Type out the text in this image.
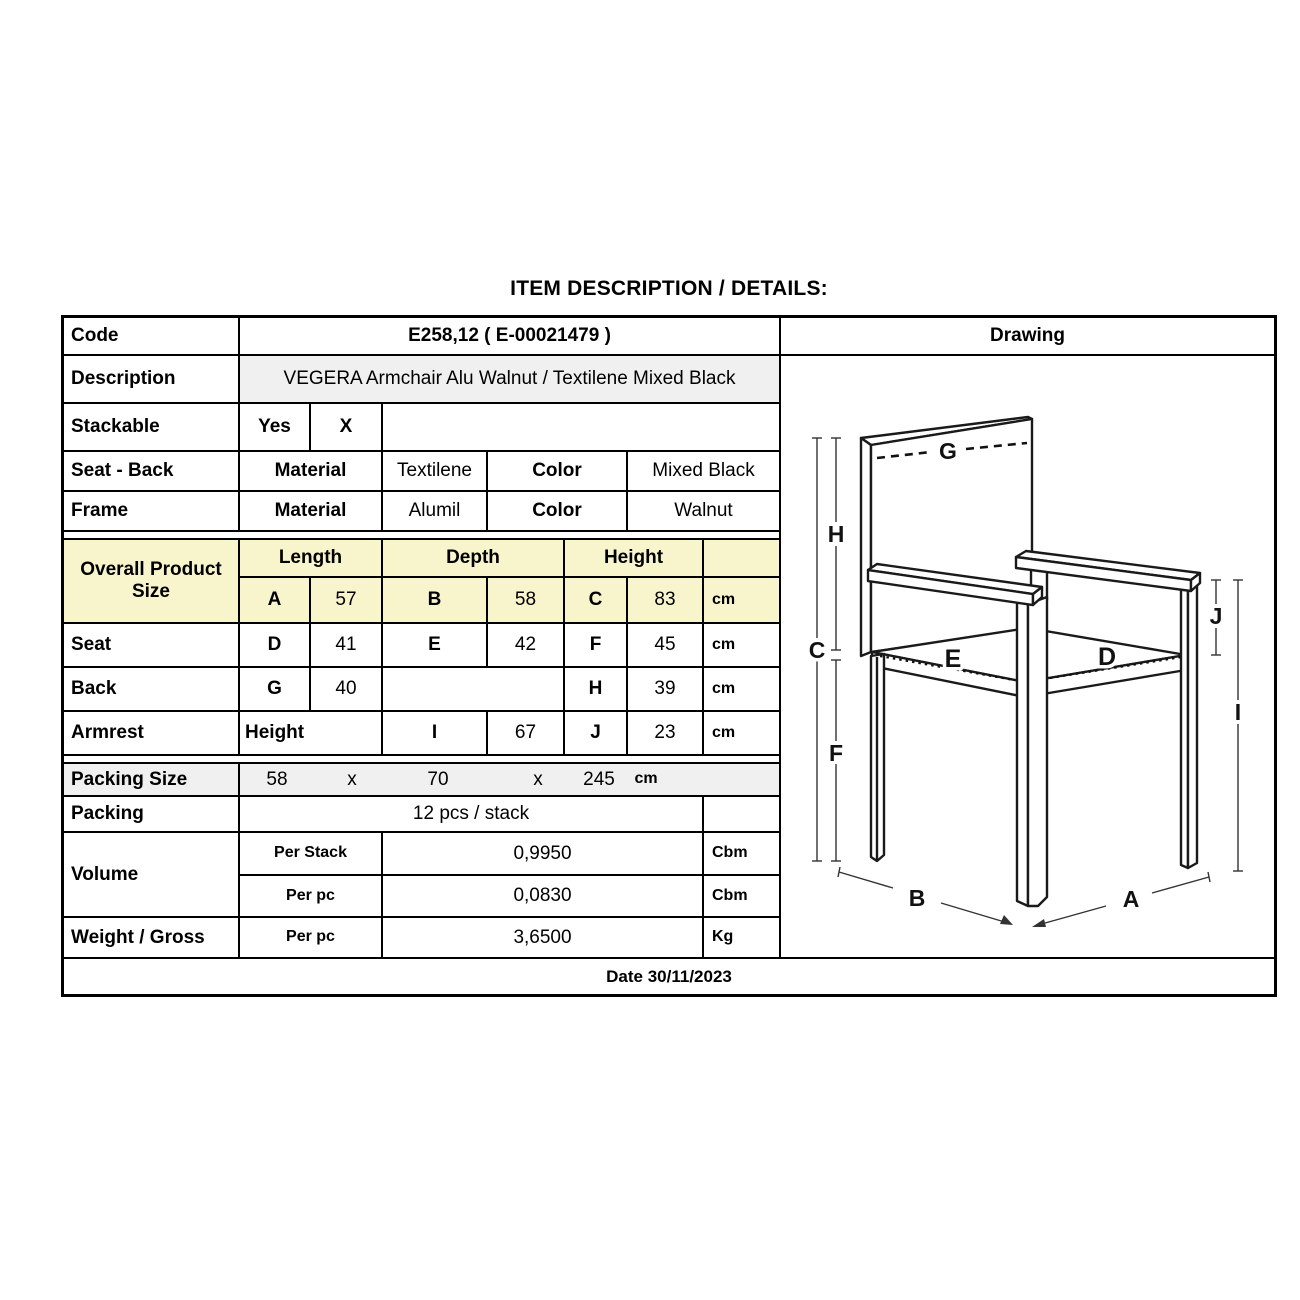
ITEM DESCRIPTION / DETAILS:
Code	E258,12 ( E-00021479 )	Drawing
Description	VEGERA Armchair Alu Walnut / Textilene Mixed Black
Stackable	Yes	X
Seat - Back	Material	Textilene	Color	Mixed Black
Frame	Material	Alumil	Color	Walnut
Overall Product Size
Length	Depth	Height
A	57	B	58	C	83	cm
Seat	D	41	E	42	F	45	cm
Back	G	40	H	39	cm
Armrest	Height	I	67	J	23	cm
Packing Size	58	x	70	x 245 cm
Packing	12 pcs / stack
Volume
Per Stack	0,9950	Cbm
Per pc	0,0830	Cbm
Weight / Gross	Per pc	3,6500	Kg
Date 30/11/2023
G
H
C
F
E	D
J
I
B	A
